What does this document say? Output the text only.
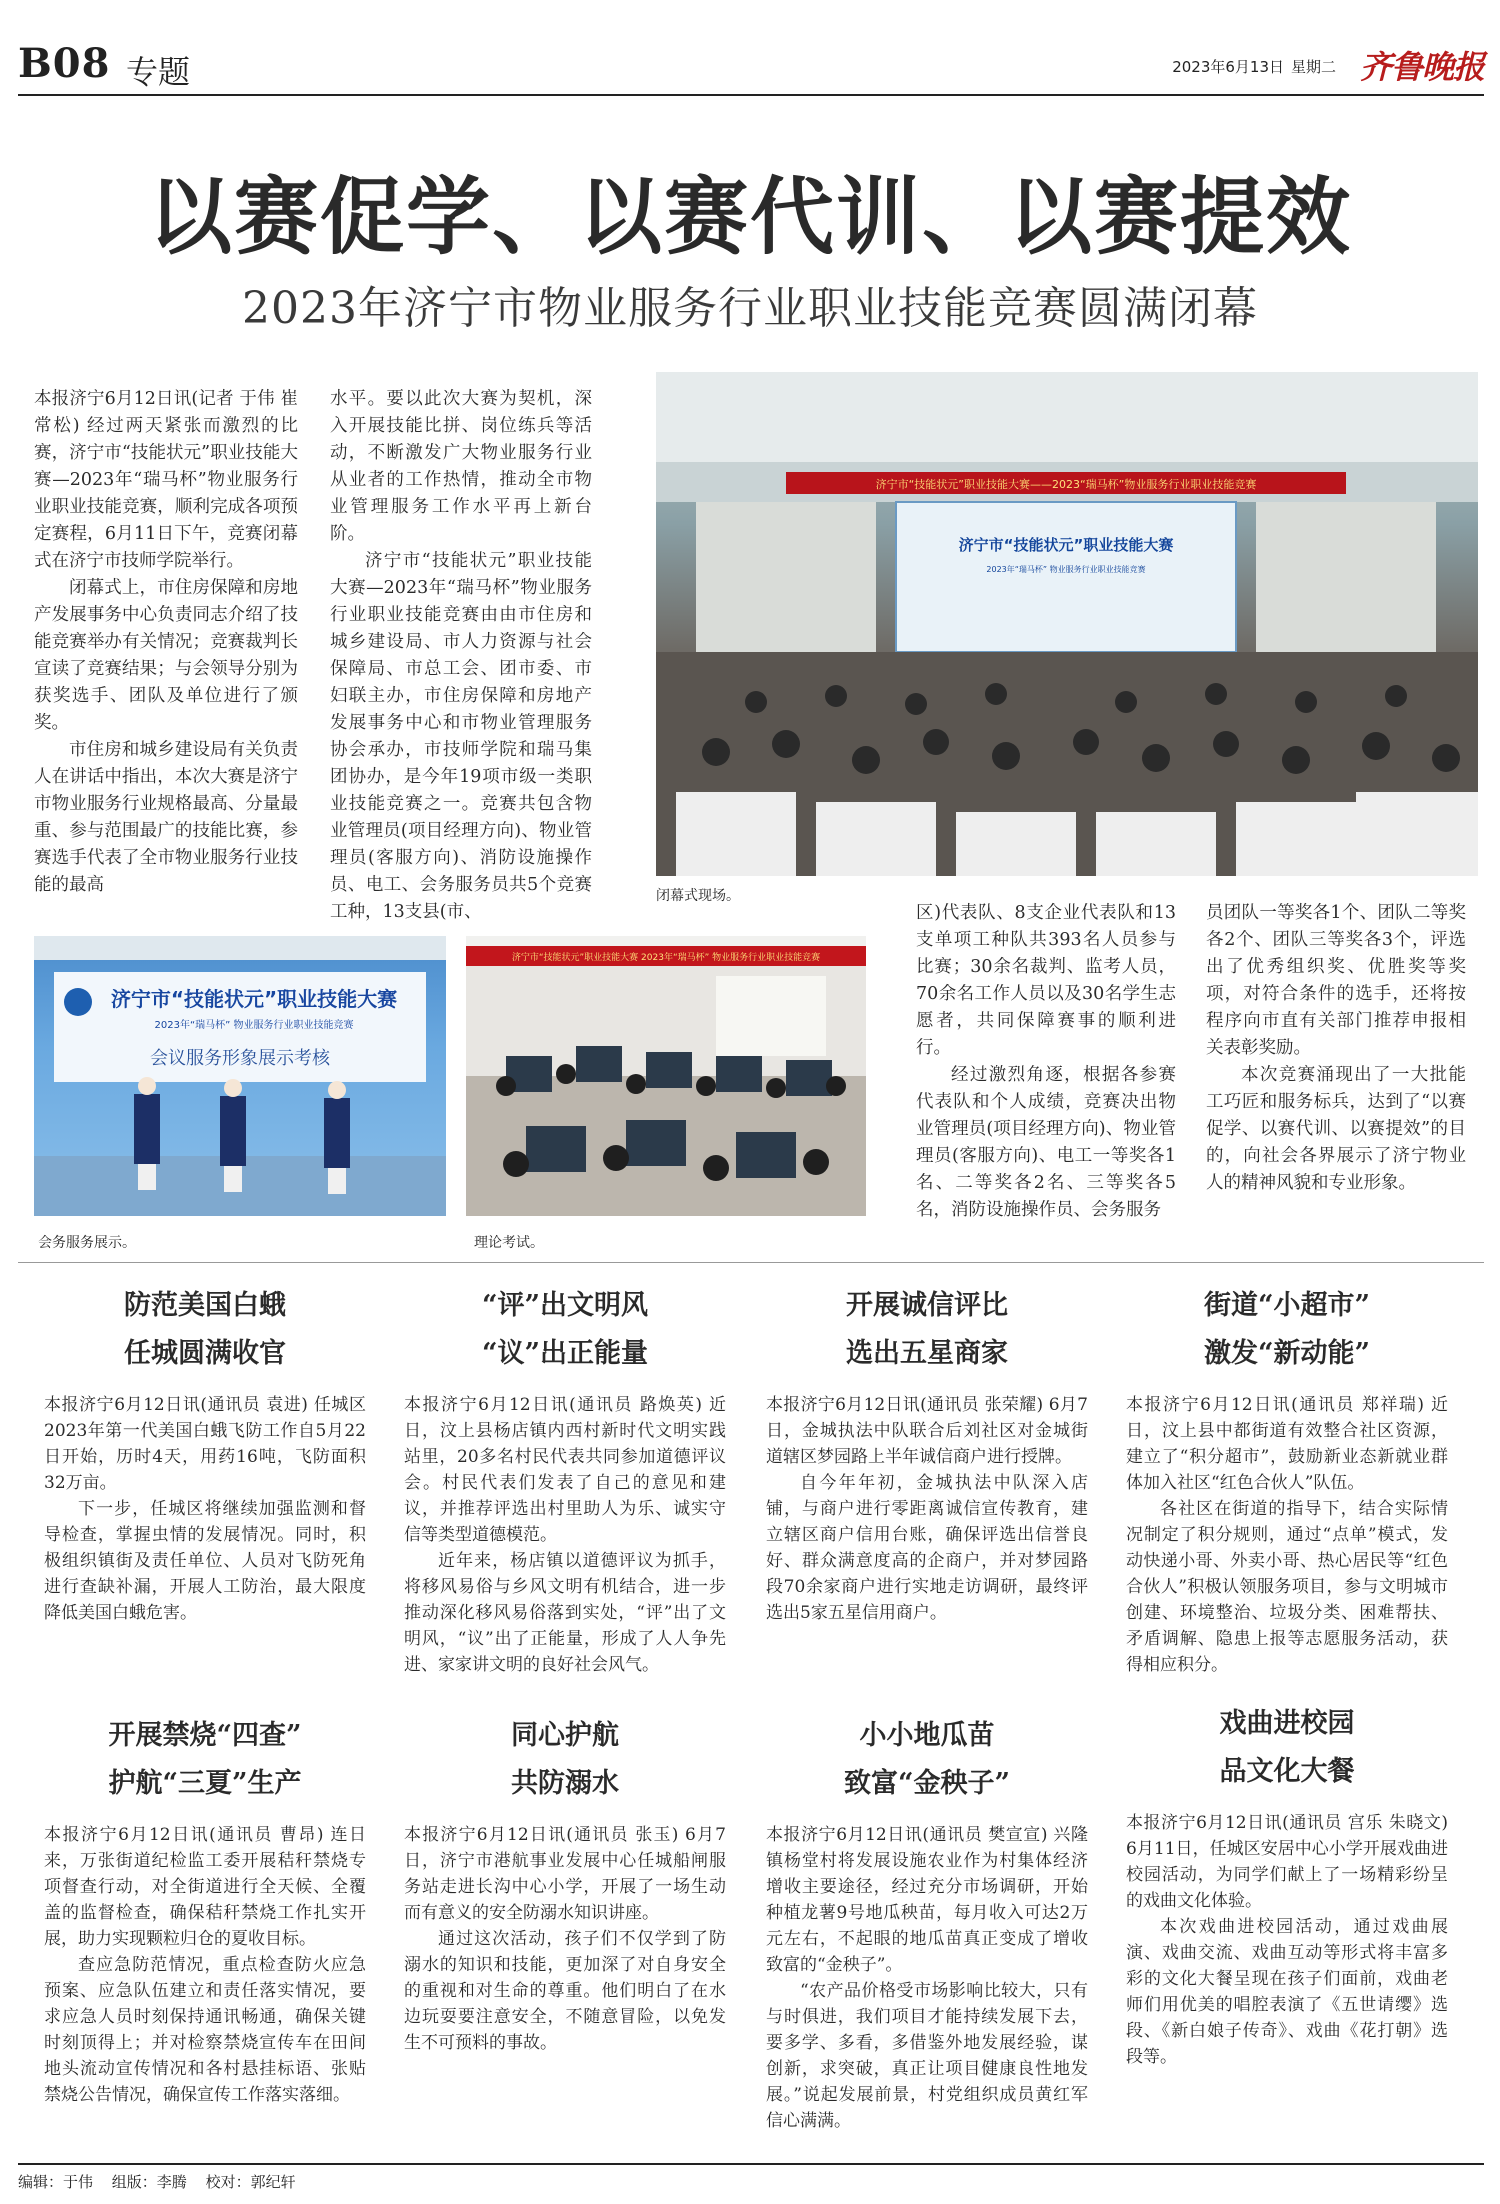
B08 专题	2023年6月13日 星期二 齐鲁晚报
以赛促学、以赛代训、以赛提效
2023年济宁市物业服务行业职业技能竞赛圆满闭幕

本报济宁6月12日讯(记者 于伟 崔常松) 经过两天紧张而激烈的比赛，济宁市“技能状元”职业技能大赛—2023年“瑞马杯”物业服务行业职业技能竞赛，顺利完成各项预定赛程，6月11日下午，竞赛闭幕式在济宁市技师学院举行。

闭幕式上，市住房保障和房地产发展事务中心负责同志介绍了技能竞赛举办有关情况；竞赛裁判长宣读了竞赛结果；与会领导分别为获奖选手、团队及单位进行了颁奖。

市住房和城乡建设局有关负责人在讲话中指出，本次大赛是济宁市物业服务行业规格最高、分量最重、参与范围最广的技能比赛，参赛选手代表了全市物业服务行业技能的最高

水平。要以此次大赛为契机，深入开展技能比拼、岗位练兵等活动，不断激发广大物业服务行业从业者的工作热情，推动全市物业管理服务工作水平再上新台阶。

济宁市“技能状元”职业技能大赛—2023年“瑞马杯”物业服务行业职业技能竞赛由由市住房和城乡建设局、市人力资源与社会保障局、市总工会、团市委、市妇联主办，市住房保障和房地产发展事务中心和市物业管理服务协会承办，市技师学院和瑞马集团协办，是今年19项市级一类职业技能竞赛之一。竞赛共包含物业管理员(项目经理方向)、物业管理员(客服方向)、消防设施操作员、电工、会务服务员共5个竞赛工种，13支县(市、

济宁市“技能状元”职业技能大赛——2023“瑞马杯”物业服务行业职业技能竞赛
济宁市“技能状元”职业技能大赛
2023年“瑞马杯” 物业服务行业职业技能竞赛
闭幕式现场。
济宁市“技能状元”职业技能大赛
2023年“瑞马杯” 物业服务行业职业技能竞赛
会议服务形象展示考核
会务服务展示。
济宁市“技能状元”职业技能大赛 2023年“瑞马杯” 物业服务行业职业技能竞赛
理论考试。

区)代表队、8支企业代表队和13支单项工种队共393名人员参与比赛；30余名裁判、监考人员，70余名工作人员以及30名学生志愿者，共同保障赛事的顺利进行。

经过激烈角逐，根据各参赛代表队和个人成绩，竞赛决出物业管理员(项目经理方向)、物业管理员(客服方向)、电工一等奖各1名、二等奖各2名、三等奖各5名，消防设施操作员、会务服务

员团队一等奖各1个、团队二等奖各2个、团队三等奖各3个，评选出了优秀组织奖、优胜奖等奖项，对符合条件的选手，还将按程序向市直有关部门推荐申报相关表彰奖励。

本次竞赛涌现出了一大批能工巧匠和服务标兵，达到了“以赛促学、以赛代训、以赛提效”的目的，向社会各界展示了济宁物业人的精神风貌和专业形象。

防范美国白蛾
任城圆满收官

本报济宁6月12日讯(通讯员 袁进) 任城区2023年第一代美国白蛾飞防工作自5月22日开始，历时4天，用药16吨，飞防面积32万亩。

下一步，任城区将继续加强监测和督导检查，掌握虫情的发展情况。同时，积极组织镇街及责任单位、人员对飞防死角进行查缺补漏，开展人工防治，最大限度降低美国白蛾危害。

“评”出文明风
“议”出正能量

本报济宁6月12日讯(通讯员 路焕英) 近日，汶上县杨店镇内西村新时代文明实践站里，20多名村民代表共同参加道德评议会。村民代表们发表了自己的意见和建议，并推荐评选出村里助人为乐、诚实守信等类型道德模范。

近年来，杨店镇以道德评议为抓手，将移风易俗与乡风文明有机结合，进一步推动深化移风易俗落到实处，“评”出了文明风，“议”出了正能量，形成了人人争先进、家家讲文明的良好社会风气。

开展诚信评比
选出五星商家

本报济宁6月12日讯(通讯员 张荣耀) 6月7日，金城执法中队联合后刘社区对金城街道辖区梦园路上半年诚信商户进行授牌。

自今年年初，金城执法中队深入店铺，与商户进行零距离诚信宣传教育，建立辖区商户信用台账，确保评选出信誉良好、群众满意度高的企商户，并对梦园路段70余家商户进行实地走访调研，最终评选出5家五星信用商户。

街道“小超市”
激发“新动能”

本报济宁6月12日讯(通讯员 郑祥瑞) 近日，汶上县中都街道有效整合社区资源，建立了“积分超市”，鼓励新业态新就业群体加入社区“红色合伙人”队伍。

各社区在街道的指导下，结合实际情况制定了积分规则，通过“点单”模式，发动快递小哥、外卖小哥、热心居民等“红色合伙人”积极认领服务项目，参与文明城市创建、环境整治、垃圾分类、困难帮扶、矛盾调解、隐患上报等志愿服务活动，获得相应积分。

开展禁烧“四查”
护航“三夏”生产

本报济宁6月12日讯(通讯员 曹昂) 连日来，万张街道纪检监工委开展秸秆禁烧专项督查行动，对全街道进行全天候、全覆盖的监督检查，确保秸秆禁烧工作扎实开展，助力实现颗粒归仓的夏收目标。

查应急防范情况，重点检查防火应急预案、应急队伍建立和责任落实情况，要求应急人员时刻保持通讯畅通，确保关键时刻顶得上；并对检察禁烧宣传车在田间地头流动宣传情况和各村悬挂标语、张贴禁烧公告情况，确保宣传工作落实落细。

同心护航
共防溺水

本报济宁6月12日讯(通讯员 张玉) 6月7日，济宁市港航事业发展中心任城船闸服务站走进长沟中心小学，开展了一场生动而有意义的安全防溺水知识讲座。

通过这次活动，孩子们不仅学到了防溺水的知识和技能，更加深了对自身安全的重视和对生命的尊重。他们明白了在水边玩耍要注意安全，不随意冒险，以免发生不可预料的事故。

小小地瓜苗
致富“金秧子”

本报济宁6月12日讯(通讯员 樊宣宣) 兴隆镇杨堂村将发展设施农业作为村集体经济增收主要途径，经过充分市场调研，开始种植龙薯9号地瓜秧苗，每月收入可达2万元左右，不起眼的地瓜苗真正变成了增收致富的“金秧子”。

“农产品价格受市场影响比较大，只有与时俱进，我们项目才能持续发展下去，要多学、多看，多借鉴外地发展经验，谋创新，求突破，真正让项目健康良性地发展。”说起发展前景，村党组织成员黄红军信心满满。

戏曲进校园
品文化大餐

本报济宁6月12日讯(通讯员 宫乐 朱晓文) 6月11日，任城区安居中心小学开展戏曲进校园活动，为同学们献上了一场精彩纷呈的戏曲文化体验。

本次戏曲进校园活动，通过戏曲展演、戏曲交流、戏曲互动等形式将丰富多彩的文化大餐呈现在孩子们面前，戏曲老师们用优美的唱腔表演了《五世请缨》选段、《新白娘子传奇》、戏曲《花打朝》选段等。

编辑：于伟 组版：李腾 校对：郭纪轩
